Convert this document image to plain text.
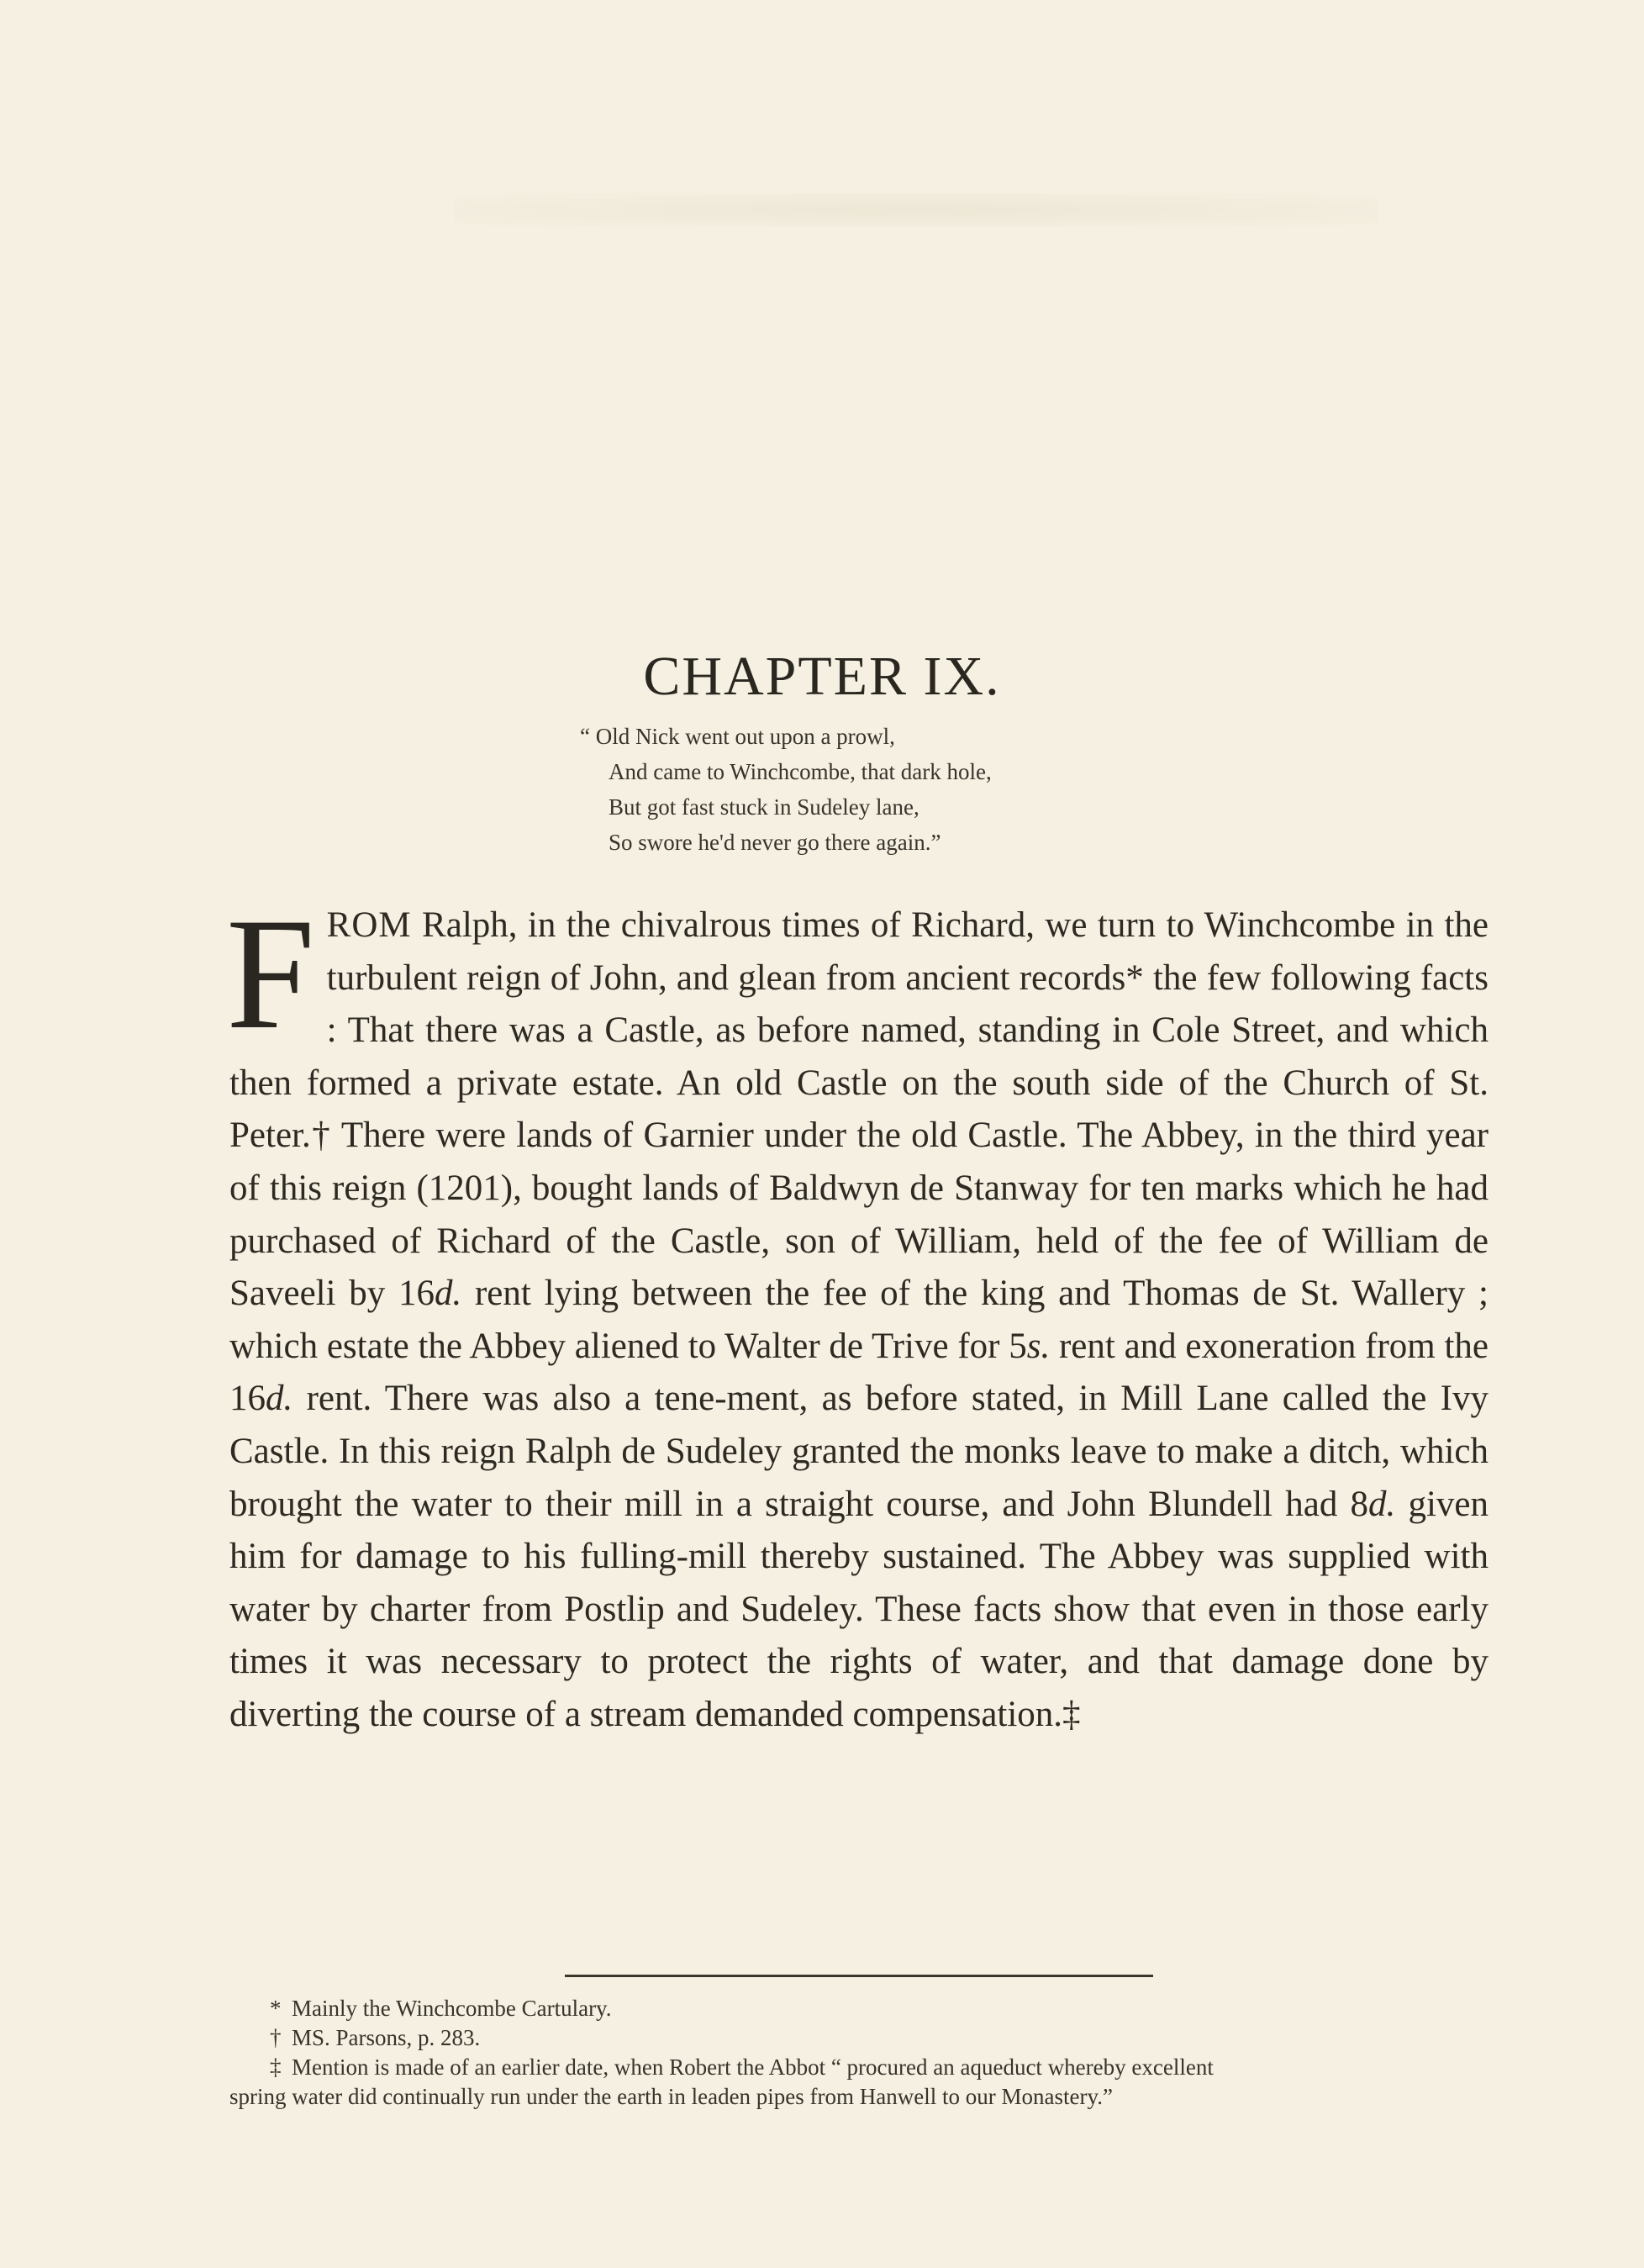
CHAPTER IX.
“ Old Nick went out upon a prowl,
And came to Winchcombe, that dark hole,
But got fast stuck in Sudeley lane,
So swore he'd never go there again.”

FROM Ralph, in the chivalrous times of Richard, we turn to Winchcombe in the turbulent reign of John, and glean from ancient records* the few following facts : That there was a Castle, as before named, standing in Cole Street, and which then formed a private estate. An old Castle on the south side of the Church of St. Peter.† There were lands of Garnier under the old Castle. The Abbey, in the third year of this reign (1201), bought lands of Baldwyn de Stanway for ten marks which he had purchased of Richard of the Castle, son of William, held of the fee of William de Saveeli by 16d. rent lying between the fee of the king and Thomas de St. Wallery ; which estate the Abbey aliened to Walter de Trive for 5s. rent and exoneration from the 16d. rent. There was also a tene-ment, as before stated, in Mill Lane called the Ivy Castle. In this reign Ralph de Sudeley granted the monks leave to make a ditch, which brought the water to their mill in a straight course, and John Blundell had 8d. given him for damage to his fulling-mill thereby sustained. The Abbey was supplied with water by charter from Postlip and Sudeley. These facts show that even in those early times it was necessary to protect the rights of water, and that damage done by diverting the course of a stream demanded compensation.‡

* Mainly the Winchcombe Cartulary.
† MS. Parsons, p. 283.
‡ Mention is made of an earlier date, when Robert the Abbot “ procured an aqueduct whereby excellent
spring water did continually run under the earth in leaden pipes from Hanwell to our Monastery.”
